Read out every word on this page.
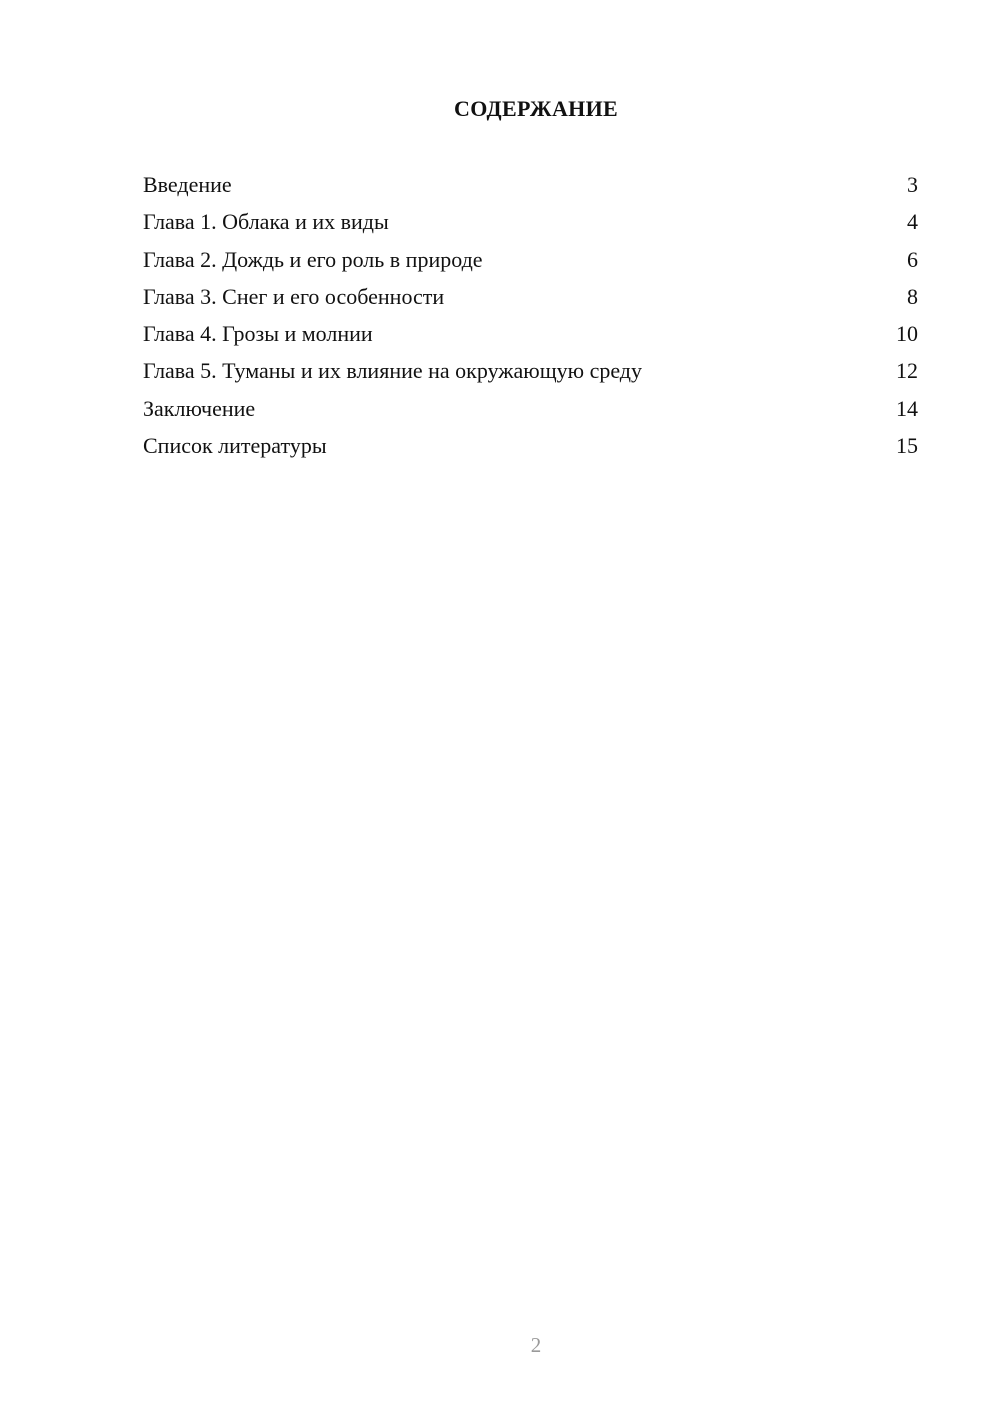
СОДЕРЖАНИЕ
Введение	3
Глава 1. Облака и их виды	4
Глава 2. Дождь и его роль в природе	6
Глава 3. Снег и его особенности	8
Глава 4. Грозы и молнии	10
Глава 5. Туманы и их влияние на окружающую среду	12
Заключение	14
Список литературы	15
2
